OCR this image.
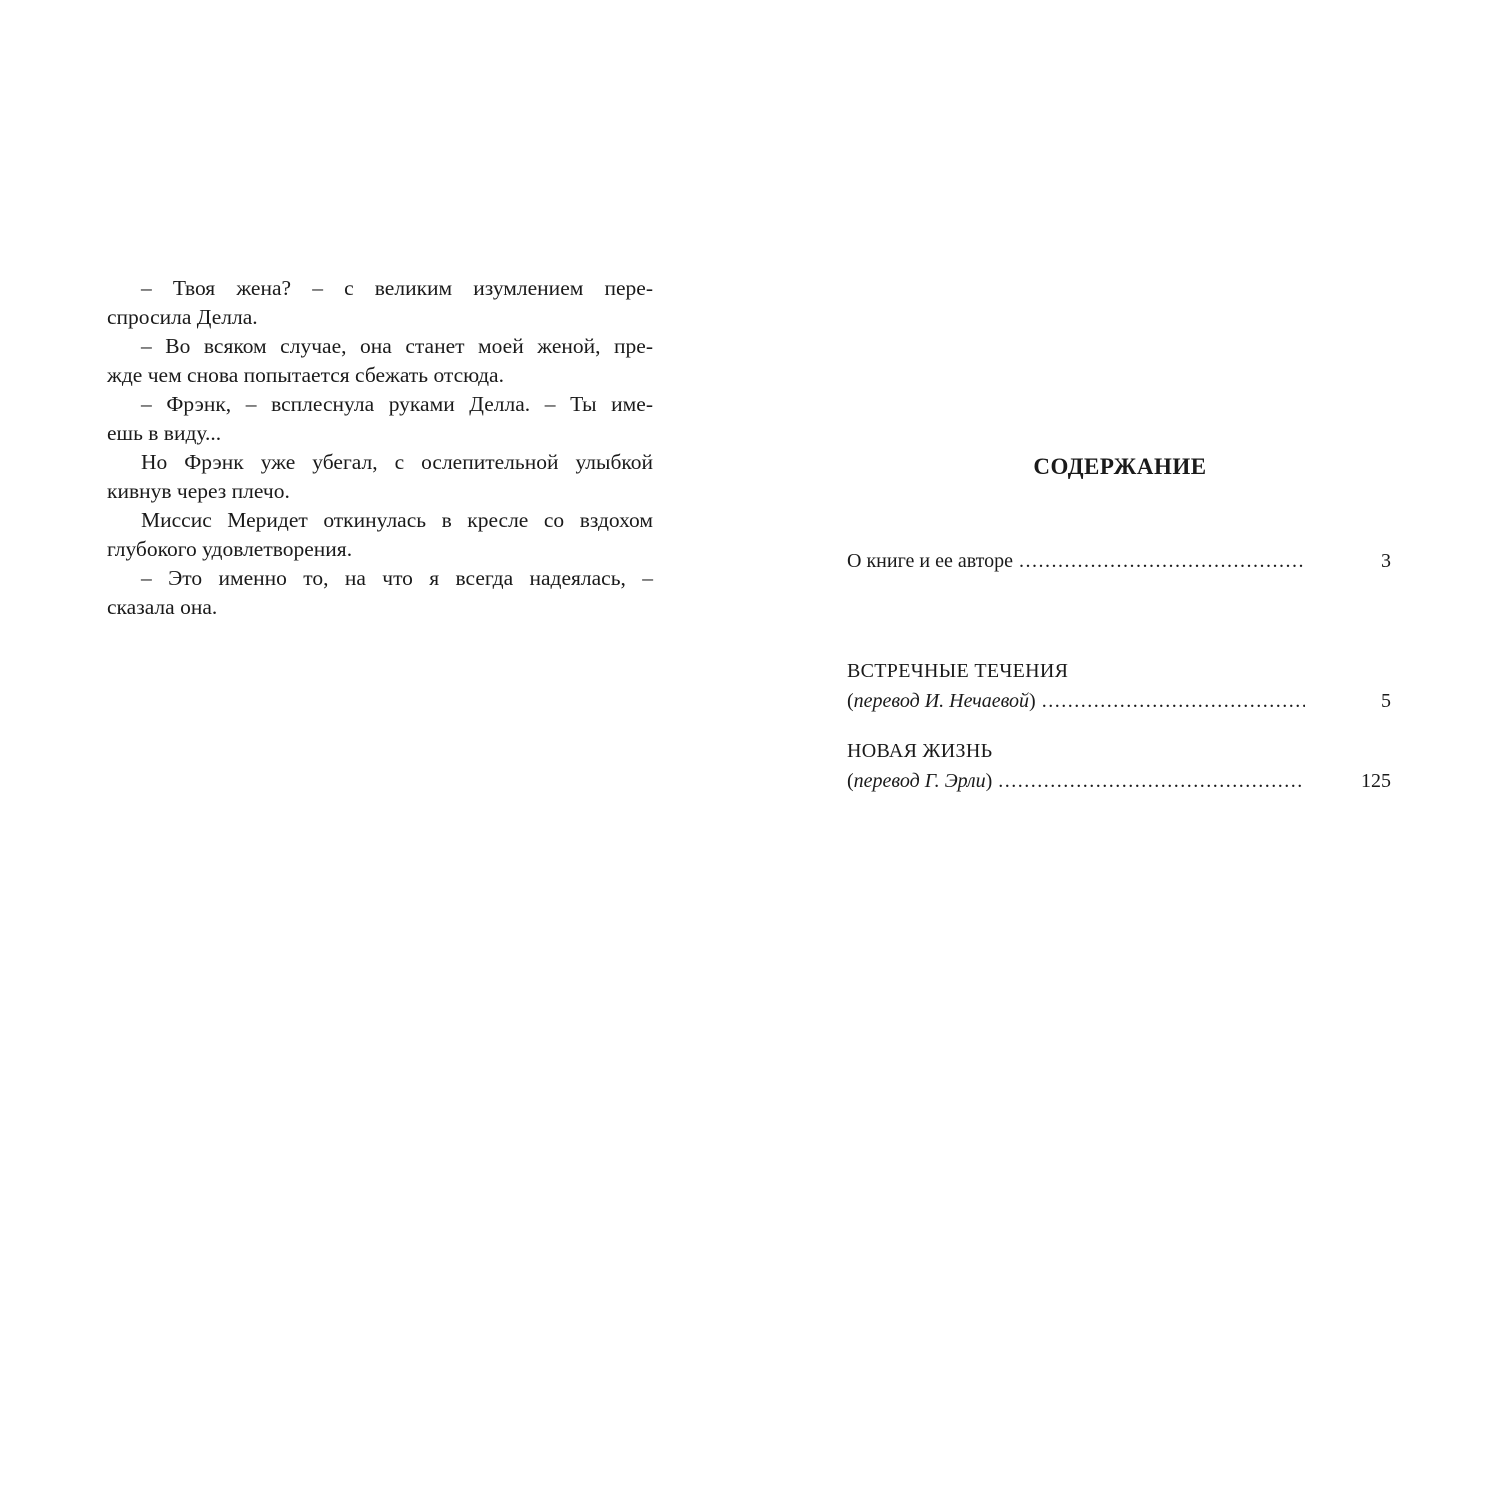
– Твоя жена? – с великим изумлением пере-
спросила Делла.
– Во всяком случае, она станет моей женой, пре-
жде чем снова попытается сбежать отсюда.
– Фрэнк, – всплеснула руками Делла. – Ты име-
ешь в виду...
Но Фрэнк уже убегал, с ослепительной улыбкой
кивнув через плечо.
Миссис Меридет откинулась в кресле со вздохом
глубокого удовлетворения.
– Это именно то, на что я всегда надеялась, –
сказала она.
СОДЕРЖАНИЕ
О книге и ее авторе .....	3
ВСТРЕЧНЫЕ ТЕЧЕНИЯ
(перевод И. Нечаевой) .....	5
НОВАЯ ЖИЗНЬ
(перевод Г. Эрли) .....	125
